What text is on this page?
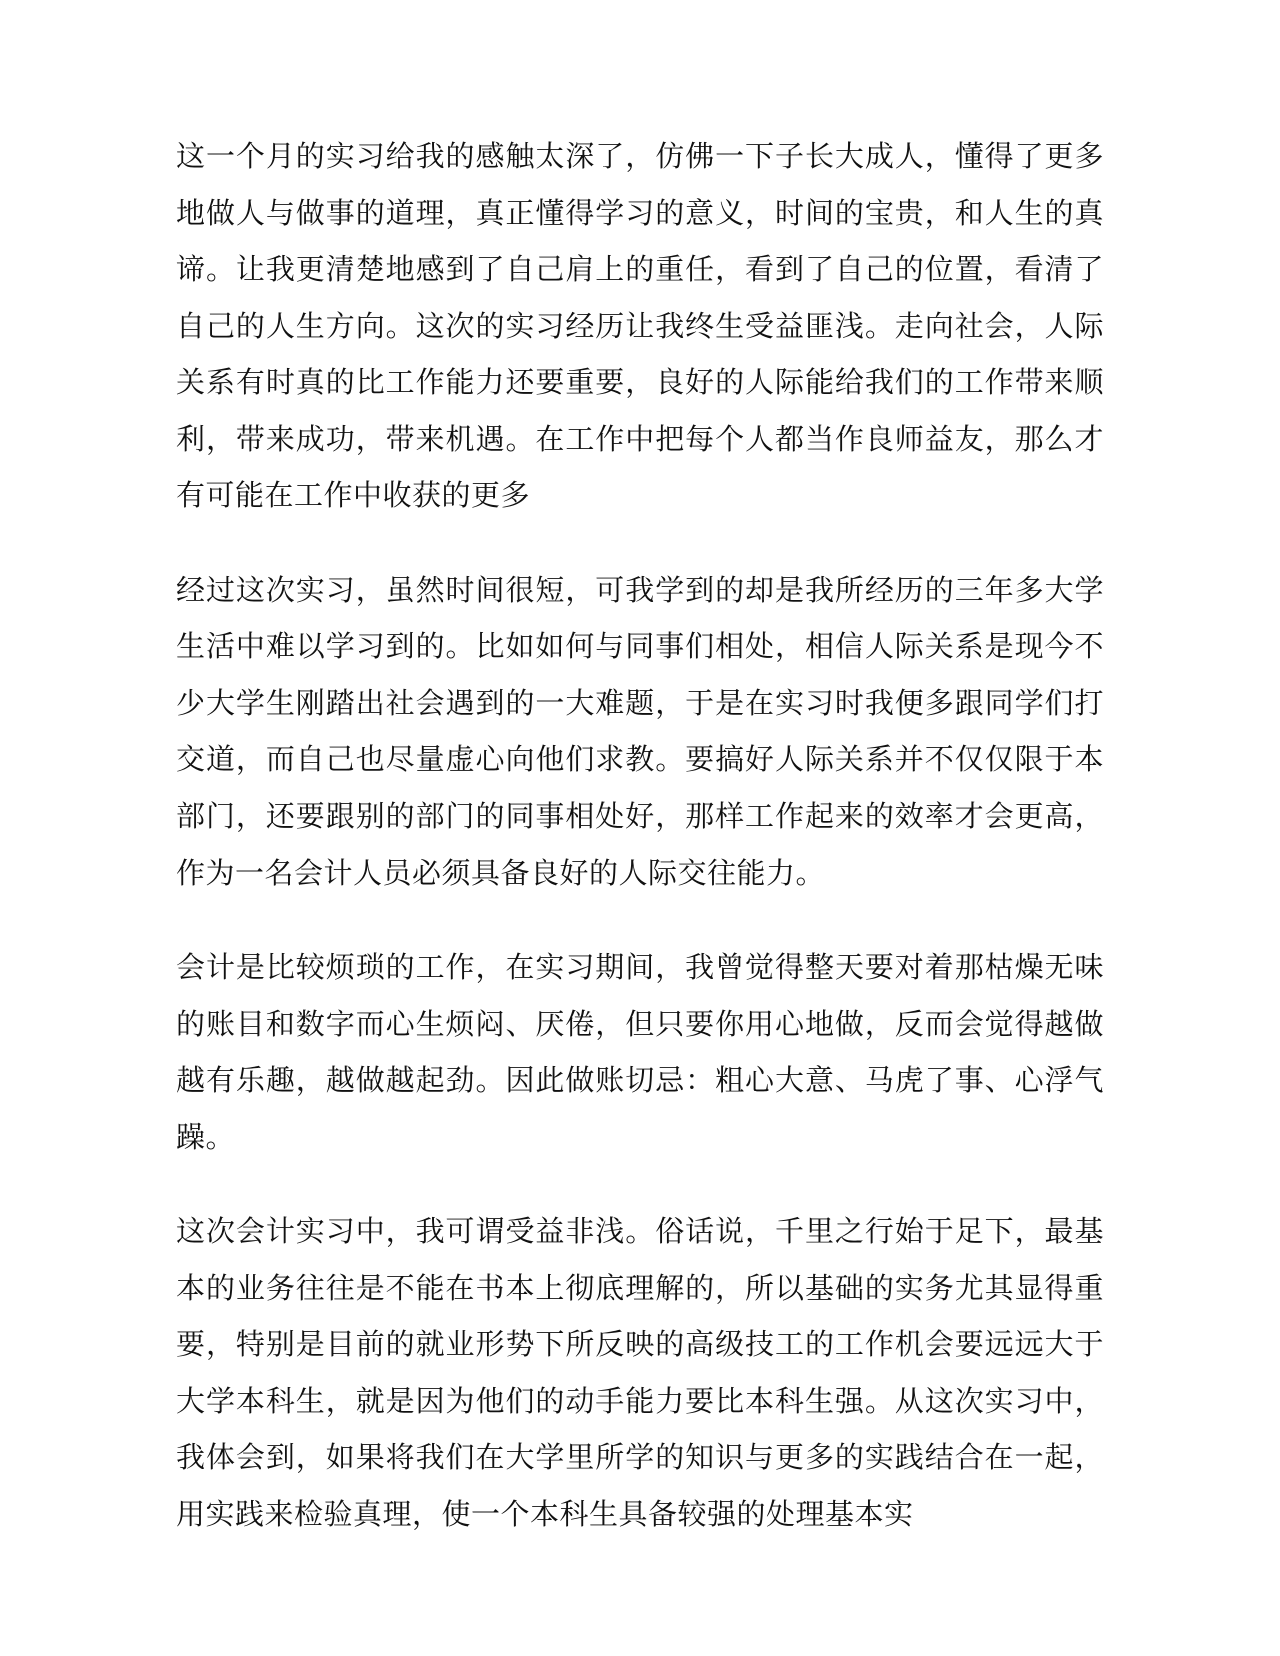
这一个月的实习给我的感触太深了，仿佛一下子长大成人，懂得了更多地做人与做事的道理，真正懂得学习的意义，时间的宝贵，和人生的真谛。让我更清楚地感到了自己肩上的重任，看到了自己的位置，看清了自己的人生方向。这次的实习经历让我终生受益匪浅。走向社会，人际关系有时真的比工作能力还要重要，良好的人际能给我们的工作带来顺利，带来成功，带来机遇。在工作中把每个人都当作良师益友，那么才有可能在工作中收获的更多

经过这次实习，虽然时间很短，可我学到的却是我所经历的三年多大学生活中难以学习到的。比如如何与同事们相处，相信人际关系是现今不少大学生刚踏出社会遇到的一大难题，于是在实习时我便多跟同学们打交道，而自己也尽量虚心向他们求教。要搞好人际关系并不仅仅限于本部门，还要跟别的部门的同事相处好，那样工作起来的效率才会更高，作为一名会计人员必须具备良好的人际交往能力。

会计是比较烦琐的工作，在实习期间，我曾觉得整天要对着那枯燥无味的账目和数字而心生烦闷、厌倦，但只要你用心地做，反而会觉得越做越有乐趣，越做越起劲。因此做账切忌：粗心大意、马虎了事、心浮气躁。

这次会计实习中，我可谓受益非浅。俗话说，千里之行始于足下，最基本的业务往往是不能在书本上彻底理解的，所以基础的实务尤其显得重要，特别是目前的就业形势下所反映的高级技工的工作机会要远远大于大学本科生，就是因为他们的动手能力要比本科生强。从这次实习中，我体会到，如果将我们在大学里所学的知识与更多的实践结合在一起，用实践来检验真理，使一个本科生具备较强的处理基本实
